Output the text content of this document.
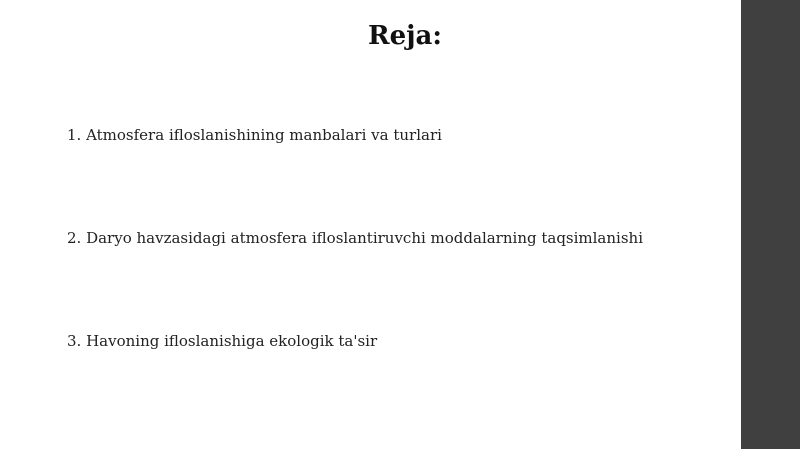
Reja:
1. Atmosfera ifloslanishining manbalari va turlari
2. Daryo havzasidagi atmosfera ifloslantiruvchi moddalarning taqsimlanishi
3. Havoning ifloslanishiga ekologik ta'sir
